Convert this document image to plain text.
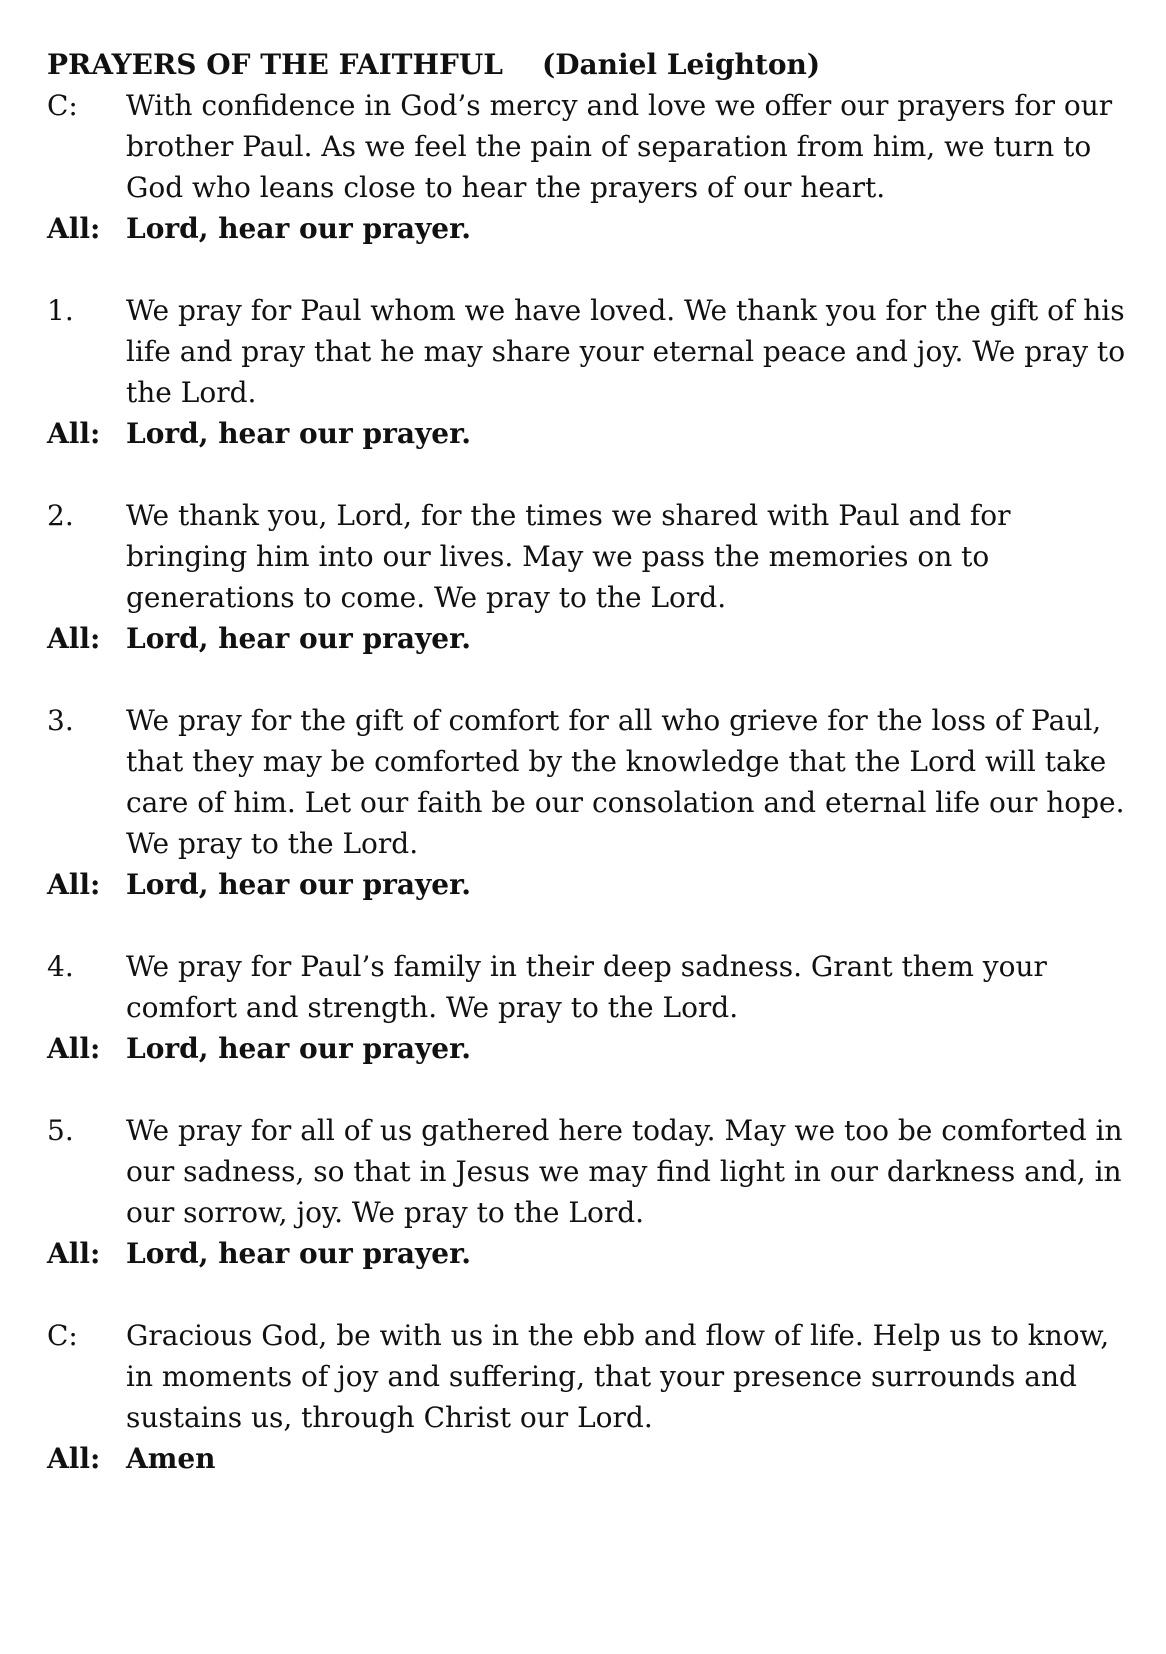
PRAYERS OF THE FAITHFUL    (Daniel Leighton)
C:	With confidence in God’s mercy and love we offer our prayers for our brother Paul. As we feel the pain of separation from him, we turn to God who leans close to hear the prayers of our heart.
All: Lord, hear our prayer.
1.	We pray for Paul whom we have loved. We thank you for the gift of his life and pray that he may share your eternal peace and joy. We pray to the Lord.
All: Lord, hear our prayer.
2.	We thank you, Lord, for the times we shared with Paul and for bringing him into our lives. May we pass the memories on to generations to come. We pray to the Lord.
All: Lord, hear our prayer.
3.	We pray for the gift of comfort for all who grieve for the loss of Paul, that they may be comforted by the knowledge that the Lord will take care of him. Let our faith be our consolation and eternal life our hope. We pray to the Lord.
All: Lord, hear our prayer.
4.	We pray for Paul’s family in their deep sadness. Grant them your comfort and strength. We pray to the Lord.
All: Lord, hear our prayer.
5.	We pray for all of us gathered here today. May we too be comforted in our sadness, so that in Jesus we may find light in our darkness and, in our sorrow, joy. We pray to the Lord.
All: Lord, hear our prayer.
C:	Gracious God, be with us in the ebb and flow of life. Help us to know, in moments of joy and suffering, that your presence surrounds and sustains us, through Christ our Lord.
All: Amen
